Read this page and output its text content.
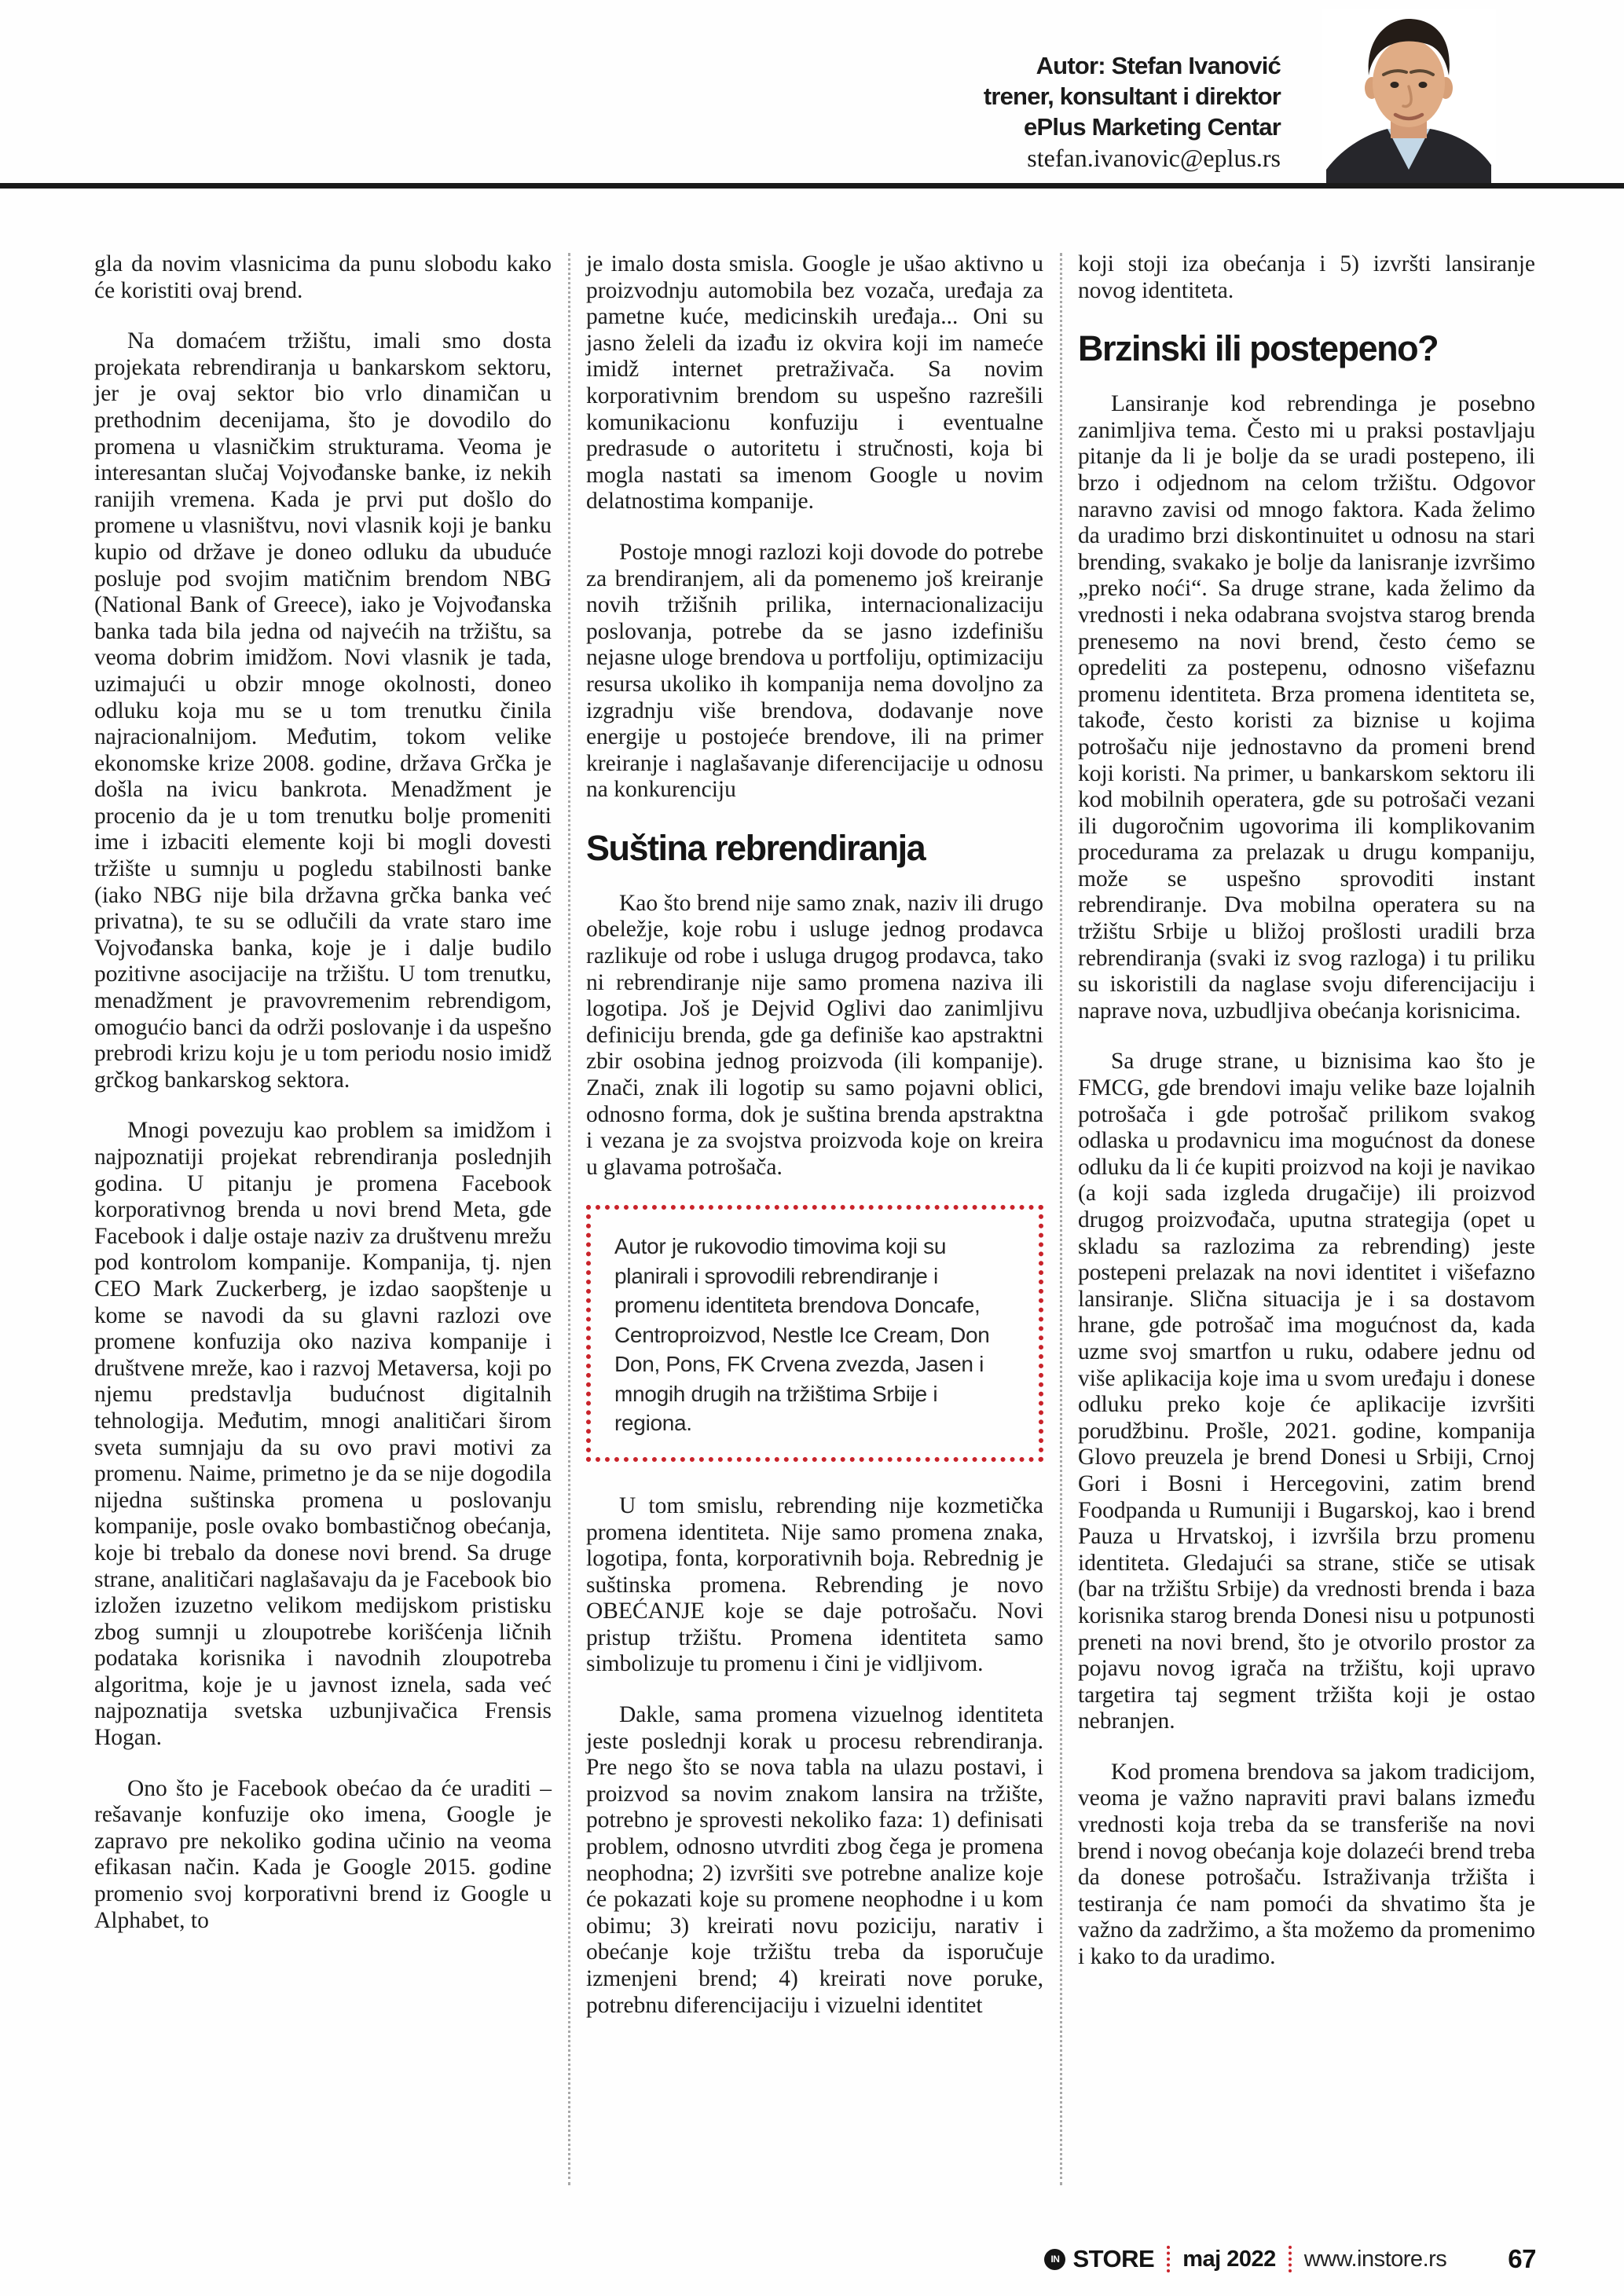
Autor: Stefan Ivanović
trener, konsultant i direktor
ePlus Marketing Centar
stefan.ivanovic@eplus.rs

gla da novim vlasnicima da punu slobodu kako će koristiti ovaj brend.

Na domaćem tržištu, imali smo dosta projekata rebrendiranja u bankarskom sektoru, jer je ovaj sektor bio vrlo dinamičan u prethodnim decenijama, što je dovodilo do promena u vlasničkim strukturama. Veoma je interesantan slučaj Vojvođanske banke, iz nekih ranijih vremena. Kada je prvi put došlo do promene u vlasništvu, novi vlasnik koji je banku kupio od države je doneo odluku da ubuduće posluje pod svojim matičnim brendom NBG (National Bank of Greece), iako je Vojvođanska banka tada bila jedna od najvećih na tržištu, sa veoma dobrim imidžom. Novi vlasnik je tada, uzimajući u obzir mnoge okolnosti, doneo odluku koja mu se u tom trenutku činila najracionalnijom. Međutim, tokom velike ekonomske krize 2008. godine, država Grčka je došla na ivicu bankrota. Menadžment je procenio da je u tom trenutku bolje promeniti ime i izbaciti elemente koji bi mogli dovesti tržište u sumnju u pogledu stabilnosti banke (iako NBG nije bila državna grčka banka već privatna), te su se odlučili da vrate staro ime Vojvođanska banka, koje je i dalje budilo pozitivne asocijacije na tržištu. U tom trenutku, menadžment je pravovremenim rebrendigom, omogućio banci da održi poslovanje i da uspešno prebrodi krizu koju je u tom periodu nosio imidž grčkog bankarskog sektora.

Mnogi povezuju kao problem sa imidžom i najpoznatiji projekat rebrendiranja poslednjih godina. U pitanju je promena Facebook korporativnog brenda u novi brend Meta, gde Facebook i dalje ostaje naziv za društvenu mrežu pod kontrolom kompanije. Kompanija, tj. njen CEO Mark Zuckerberg, je izdao saopštenje u kome se navodi da su glavni razlozi ove promene konfuzija oko naziva kompanije i društvene mreže, kao i razvoj Metaversa, koji po njemu predstavlja budućnost digitalnih tehnologija. Međutim, mnogi analitičari širom sveta sumnjaju da su ovo pravi motivi za promenu. Naime, primetno je da se nije dogodila nijedna suštinska promena u poslovanju kompanije, posle ovako bombastičnog obećanja, koje bi trebalo da donese novi brend. Sa druge strane, analitičari naglašavaju da je Facebook bio izložen izuzetno velikom medijskom pristisku zbog sumnji u zloupotrebe korišćenja ličnih podataka korisnika i navodnih zloupotreba algoritma, koje je u javnost iznela, sada već najpoznatija svetska uzbunjivačica Frensis Hogan.

Ono što je Facebook obećao da će uraditi – rešavanje konfuzije oko imena, Google je zapravo pre nekoliko godina učinio na veoma efikasan način. Kada je Google 2015. godine promenio svoj korporativni brend iz Google u Alphabet, to

je imalo dosta smisla. Google je ušao aktivno u proizvodnju automobila bez vozača, uređaja za pametne kuće, medicinskih uređaja... Oni su jasno želeli da izađu iz okvira koji im nameće imidž internet pretraživača. Sa novim korporativnim brendom su uspešno razrešili komunikacionu konfuziju i eventualne predrasude o autoritetu i stručnosti, koja bi mogla nastati sa imenom Google u novim delatnostima kompanije.

Postoje mnogi razlozi koji dovode do potrebe za brendiranjem, ali da pomenemo još kreiranje novih tržišnih prilika, internacionalizaciju poslovanja, potrebe da se jasno izdefinišu nejasne uloge brendova u portfoliju, optimizaciju resursa ukoliko ih kompanija nema dovoljno za izgradnju više brendova, dodavanje nove energije u postojeće brendove, ili na primer kreiranje i naglašavanje diferencijacije u odnosu na konkurenciju

Suština rebrendiranja

Kao što brend nije samo znak, naziv ili drugo obeležje, koje robu i usluge jednog prodavca razlikuje od robe i usluga drugog prodavca, tako ni rebrendiranje nije samo promena naziva ili logotipa. Još je Dejvid Oglivi dao zanimljivu definiciju brenda, gde ga definiše kao apstraktni zbir osobina jednog proizvoda (ili kompanije). Znači, znak ili logotip su samo pojavni oblici, odnosno forma, dok je suština brenda apstraktna i vezana je za svojstva proizvoda koje on kreira u glavama potrošača.

Autor je rukovodio timovima koji su planirali i sprovodili rebrendiranje i promenu identiteta brendova Doncafe, Centroproizvod, Nestle Ice Cream, Don Don, Pons, FK Crvena zvezda, Jasen i mnogih drugih na tržištima Srbije i regiona.

U tom smislu, rebrending nije kozmetička promena identiteta. Nije samo promena znaka, logotipa, fonta, korporativnih boja. Rebrednig je suštinska promena. Rebrending je novo OBEĆANJE koje se daje potrošaču. Novi pristup tržištu. Promena identiteta samo simbolizuje tu promenu i čini je vidljivom.

Dakle, sama promena vizuelnog identiteta jeste poslednji korak u procesu rebrendiranja. Pre nego što se nova tabla na ulazu postavi, i proizvod sa novim znakom lansira na tržište, potrebno je sprovesti nekoliko faza: 1) definisati problem, odnosno utvrditi zbog čega je promena neophodna; 2) izvršiti sve potrebne analize koje će pokazati koje su promene neophodne i u kom obimu; 3) kreirati novu poziciju, narativ i obećanje koje tržištu treba da isporučuje izmenjeni brend; 4) kreirati nove poruke, potrebnu diferencijaciju i vizuelni identitet

koji stoji iza obećanja i 5) izvršti lansiranje novog identiteta.

Brzinski ili postepeno?

Lansiranje kod rebrendinga je posebno zanimljiva tema. Često mi u praksi postavljaju pitanje da li je bolje da se uradi postepeno, ili brzo i odjednom na celom tržištu. Odgovor naravno zavisi od mnogo faktora. Kada želimo da uradimo brzi diskontinuitet u odnosu na stari brending, svakako je bolje da lanisranje izvršimo „preko noći“. Sa druge strane, kada želimo da vrednosti i neka odabrana svojstva starog brenda prenesemo na novi brend, često ćemo se opredeliti za postepenu, odnosno višefaznu promenu identiteta. Brza promena identiteta se, takođe, često koristi za biznise u kojima potrošaču nije jednostavno da promeni brend koji koristi. Na primer, u bankarskom sektoru ili kod mobilnih operatera, gde su potrošači vezani ili dugoročnim ugovorima ili komplikovanim procedurama za prelazak u drugu kompaniju, može se uspešno sprovoditi instant rebrendiranje. Dva mobilna operatera su na tržištu Srbije u bližoj prošlosti uradili brza rebrendiranja (svaki iz svog razloga) i tu priliku su iskoristili da naglase svoju diferencijaciju i naprave nova, uzbudljiva obećanja korisnicima.

Sa druge strane, u biznisima kao što je FMCG, gde brendovi imaju velike baze lojalnih potrošača i gde potrošač prilikom svakog odlaska u prodavnicu ima mogućnost da donese odluku da li će kupiti proizvod na koji je navikao (a koji sada izgleda drugačije) ili proizvod drugog proizvođača, uputna strategija (opet u skladu sa razlozima za rebrending) jeste postepeni prelazak na novi identitet i višefazno lansiranje. Slična situacija je i sa dostavom hrane, gde potrošač ima mogućnost da, kada uzme svoj smartfon u ruku, odabere jednu od više aplikacija koje ima u svom uređaju i donese odluku preko koje će aplikacije izvršiti porudžbinu. Prošle, 2021. godine, kompanija Glovo preuzela je brend Donesi u Srbiji, Crnoj Gori i Bosni i Hercegovini, zatim brend Foodpanda u Rumuniji i Bugarskoj, kao i brend Pauza u Hrvatskoj, i izvršila brzu promenu identiteta. Gledajući sa strane, stiče se utisak (bar na tržištu Srbije) da vrednosti brenda i baza korisnika starog brenda Donesi nisu u potpunosti preneti na novi brend, što je otvorilo prostor za pojavu novog igrača na tržištu, koji upravo targetira taj segment tržišta koji je ostao nebranjen.

Kod promena brendova sa jakom tradicijom, veoma je važno napraviti pravi balans između vrednosti koja treba da se transferiše na novi brend i novog obećanja koje dolazeći brend treba da donese potrošaču. Istraživanja tržišta i testiranja će nam pomoći da shvatimo šta je važno da zadržimo, a šta možemo da promenimo i kako to da uradimo.

IN STORE maj 2022 www.instore.rs 67
